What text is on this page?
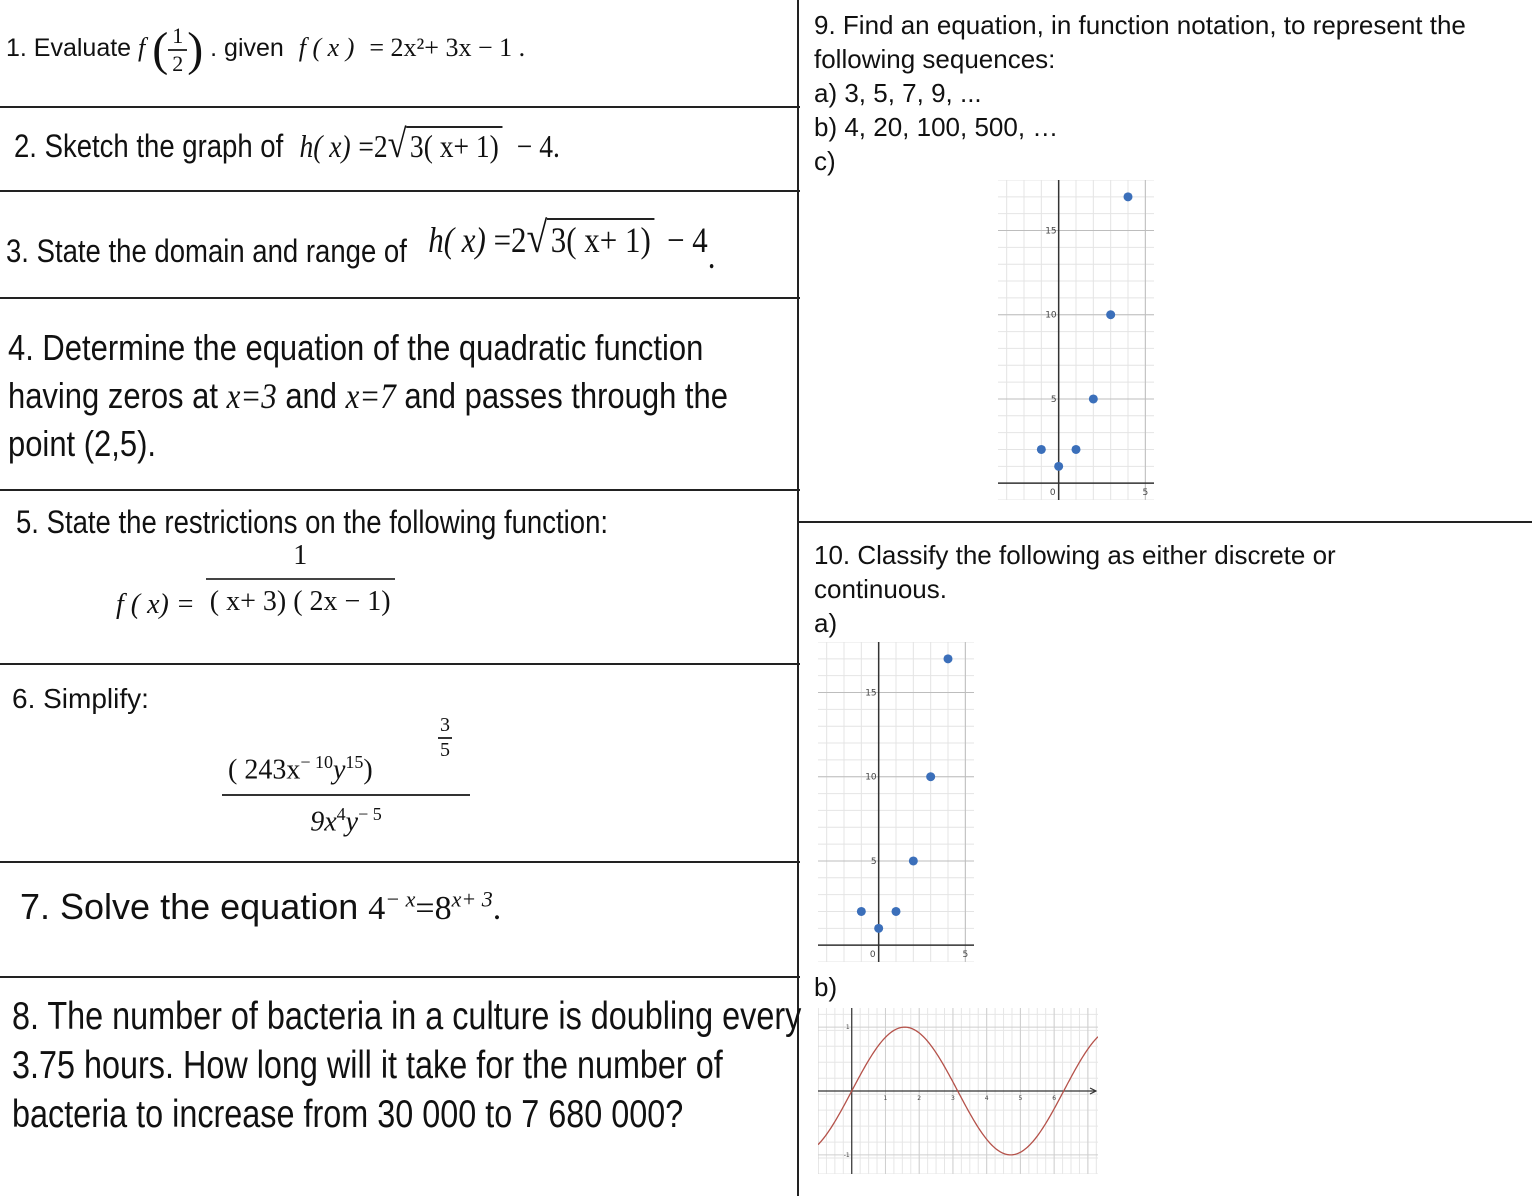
1. Evaluate f ( $\frac{1}{2}$ ) . given f ( x ) = 2x²+ 3x − 1 .
2. Sketch the graph of h( x) =2√ 3( x+ 1) − 4.
3. State the domain and range of h( x) =2√3( x+ 1) − 4.
4. Determine the equation of the quadratic function
having zeros at x=3 and x=7 and passes through the
point (2,5).
5. State the restrictions on the following function:
f ( $x) = \frac{1}{( x+ 3) ( 2x - 1)}$
6. Simplify:
( $243x^{- 10}y^{15}$)
$\frac{3}{5}$
$9x^4y^{- 5}$
7. Solve the equation $4^{- x}=8^{x+ 3}$.
8. The number of bacteria in a culture is doubling every
3.75 hours. How long will it take for the number of
bacteria to increase from 30 000 to 7 680 000?
9. Find an equation, in function notation, to represent the
following sequences:
a) 3, 5, 7, 9, ...
b) 4, 20, 100, 500, …
c)
5
10
15
0	5
10. Classify the following as either discrete or
continuous.
a)
5
10
15
0	5
b)
1	2	3	4	5	6
1
-1
